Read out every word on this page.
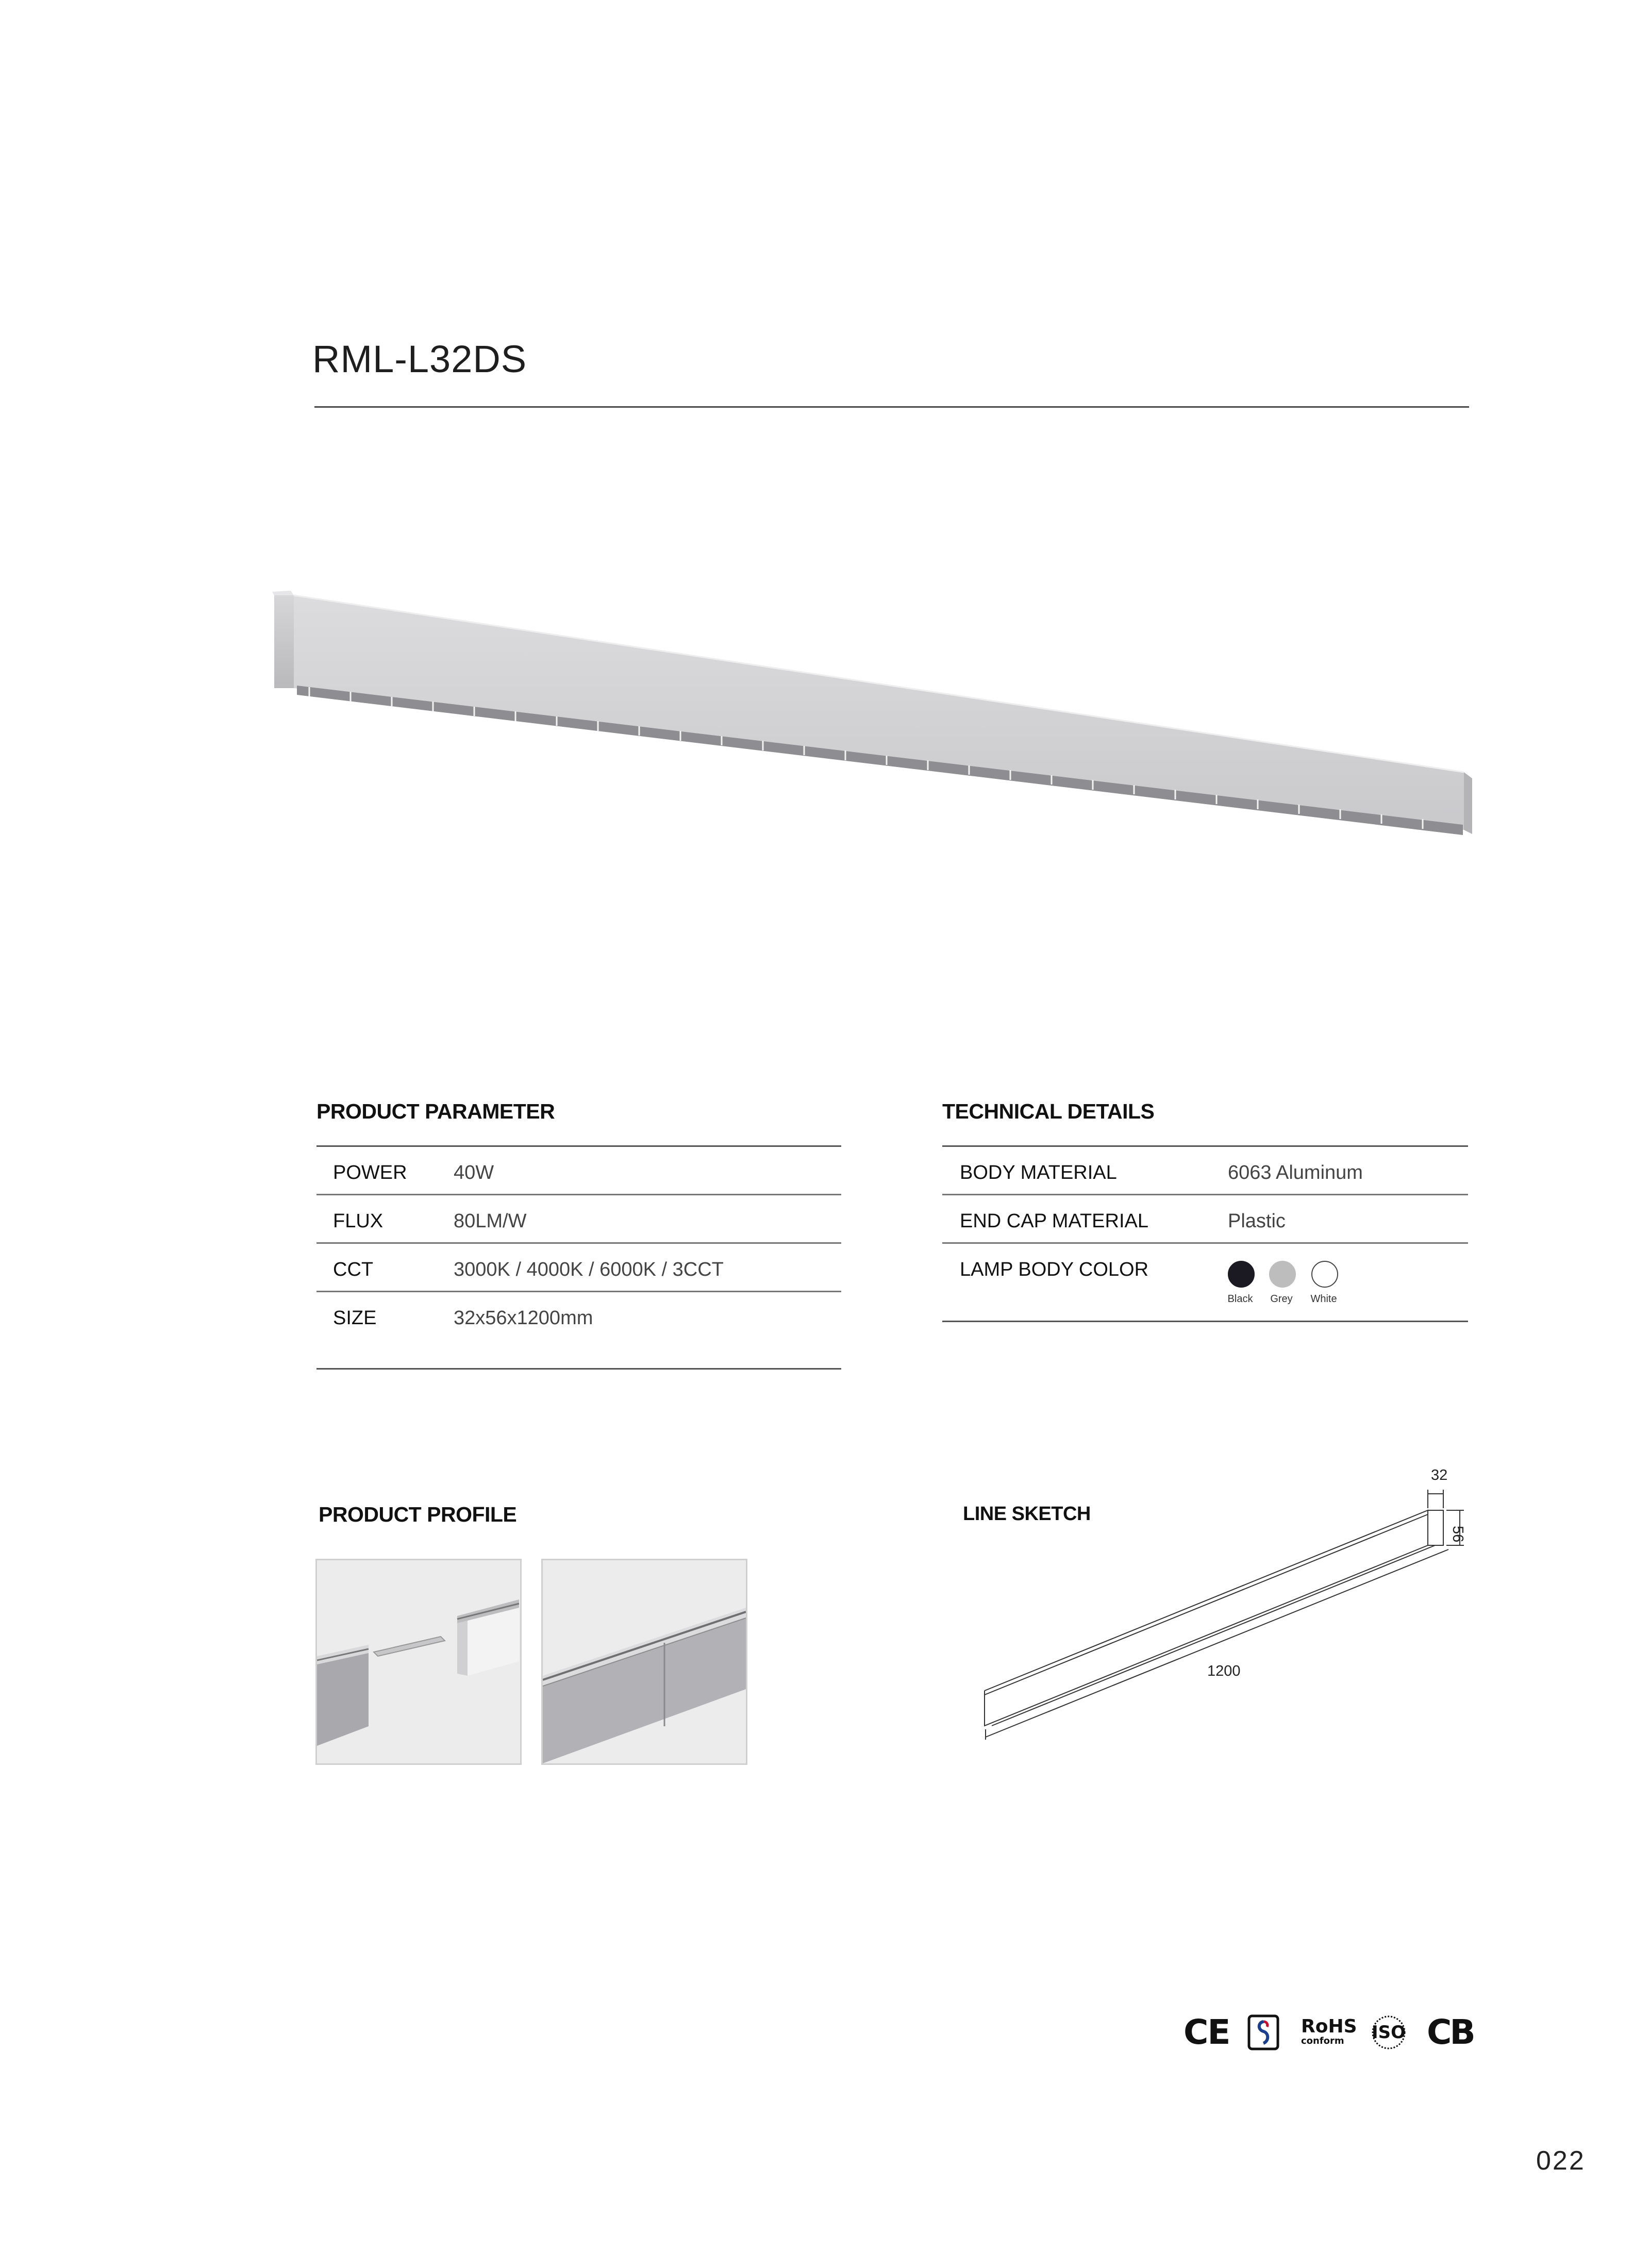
RML-L32DS
PRODUCT PARAMETER
POWER 40W
FLUX	80LM/W
CCT	3000K / 4000K / 6000K / 3CCT
SIZE	32x56x1200mm
TECHNICAL DETAILS
BODY MATERIAL	6063 Aluminum
END CAP MATERIAL	Plastic
LAMP BODY COLOR
Black	Grey	White
PRODUCT PROFILE	LINE SKETCH
32
56
1200
CE	RoHS
conform	ISO CB
022
